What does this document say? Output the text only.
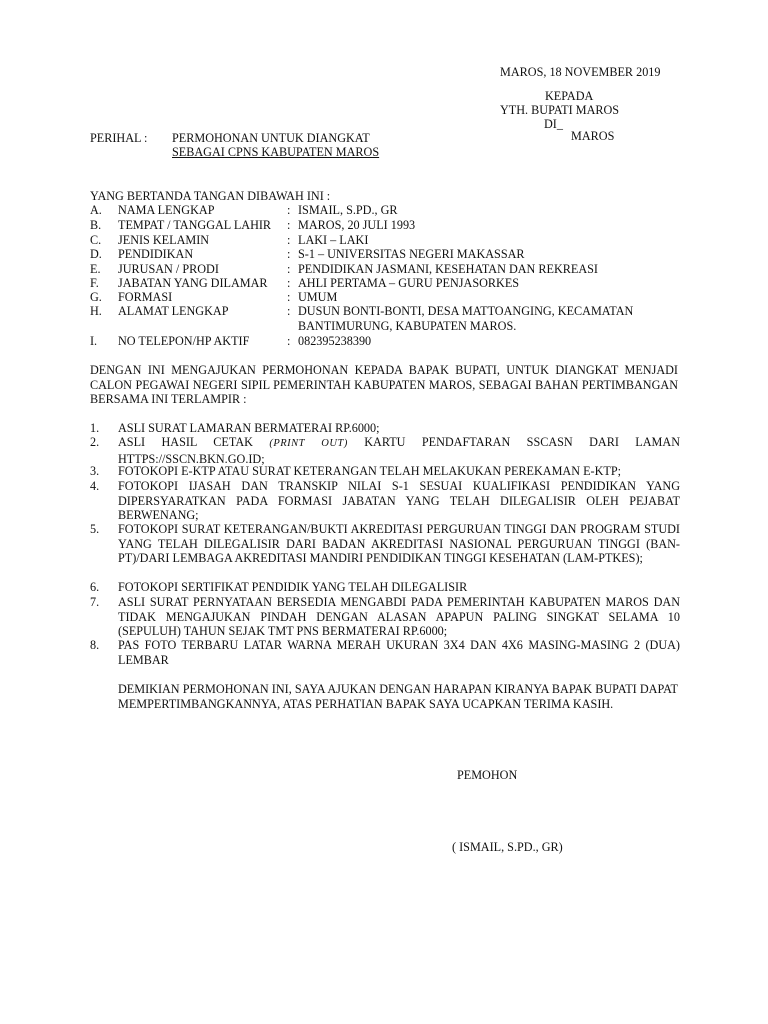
MAROS, 18 NOVEMBER 2019
KEPADA
YTH. BUPATI MAROS
DI_
MAROS
PERIHAL : PERMOHONAN UNTUK DIANGKAT
SEBAGAI CPNS KABUPATEN MAROS
YANG BERTANDA TANGAN DIBAWAH INI :
A. NAMA LENGKAP	: ISMAIL, S.PD., GR
B. TEMPAT / TANGGAL LAHIR : MAROS, 20 JULI 1993
C. JENIS KELAMIN	: LAKI – LAKI
D. PENDIDIKAN	: S-1 – UNIVERSITAS NEGERI MAKASSAR
E. JURUSAN / PRODI	: PENDIDIKAN JASMANI, KESEHATAN DAN REKREASI
F. JABATAN YANG DILAMAR : AHLI PERTAMA – GURU PENJASORKES
G. FORMASI	: UMUM
H. ALAMAT LENGKAP	: DUSUN BONTI-BONTI, DESA MATTOANGING, KECAMATAN
BANTIMURUNG, KABUPATEN MAROS.
I. NO TELEPON/HP AKTIF	: 082395238390
DENGAN INI MENGAJUKAN PERMOHONAN KEPADA BAPAK BUPATI, UNTUK DIANGKAT MENJADI CALON PEGAWAI NEGERI SIPIL PEMERINTAH KABUPATEN MAROS, SEBAGAI BAHAN PERTIMBANGAN BERSAMA INI TERLAMPIR :
1. ASLI SURAT LAMARAN BERMATERAI RP.6000;
2. ASLI HASIL CETAK (PRINT OUT) KARTU PENDAFTARAN SSCASN DARI LAMAN HTTPS://SSCN.BKN.GO.ID;
3. FOTOKOPI E-KTP ATAU SURAT KETERANGAN TELAH MELAKUKAN PEREKAMAN E-KTP;
4. FOTOKOPI IJASAH DAN TRANSKIP NILAI S-1 SESUAI KUALIFIKASI PENDIDIKAN YANG DIPERSYARATKAN PADA FORMASI JABATAN YANG TELAH DILEGALISIR OLEH PEJABAT BERWENANG;
5. FOTOKOPI SURAT KETERANGAN/BUKTI AKREDITASI PERGURUAN TINGGI DAN PROGRAM STUDI YANG TELAH DILEGALISIR DARI BADAN AKREDITASI NASIONAL PERGURUAN TINGGI (BAN-PT)/DARI LEMBAGA AKREDITASI MANDIRI PENDIDIKAN TINGGI KESEHATAN (LAM-PTKES);
6. FOTOKOPI SERTIFIKAT PENDIDIK YANG TELAH DILEGALISIR
7. ASLI SURAT PERNYATAAN BERSEDIA MENGABDI PADA PEMERINTAH KABUPATEN MAROS DAN TIDAK MENGAJUKAN PINDAH DENGAN ALASAN APAPUN PALING SINGKAT SELAMA 10 (SEPULUH) TAHUN SEJAK TMT PNS BERMATERAI RP.6000;
8. PAS FOTO TERBARU LATAR WARNA MERAH UKURAN 3X4 DAN 4X6 MASING-MASING 2 (DUA) LEMBAR
DEMIKIAN PERMOHONAN INI, SAYA AJUKAN DENGAN HARAPAN KIRANYA BAPAK BUPATI DAPAT MEMPERTIMBANGKANNYA, ATAS PERHATIAN BAPAK SAYA UCAPKAN TERIMA KASIH.
PEMOHON
( ISMAIL, S.PD., GR)
